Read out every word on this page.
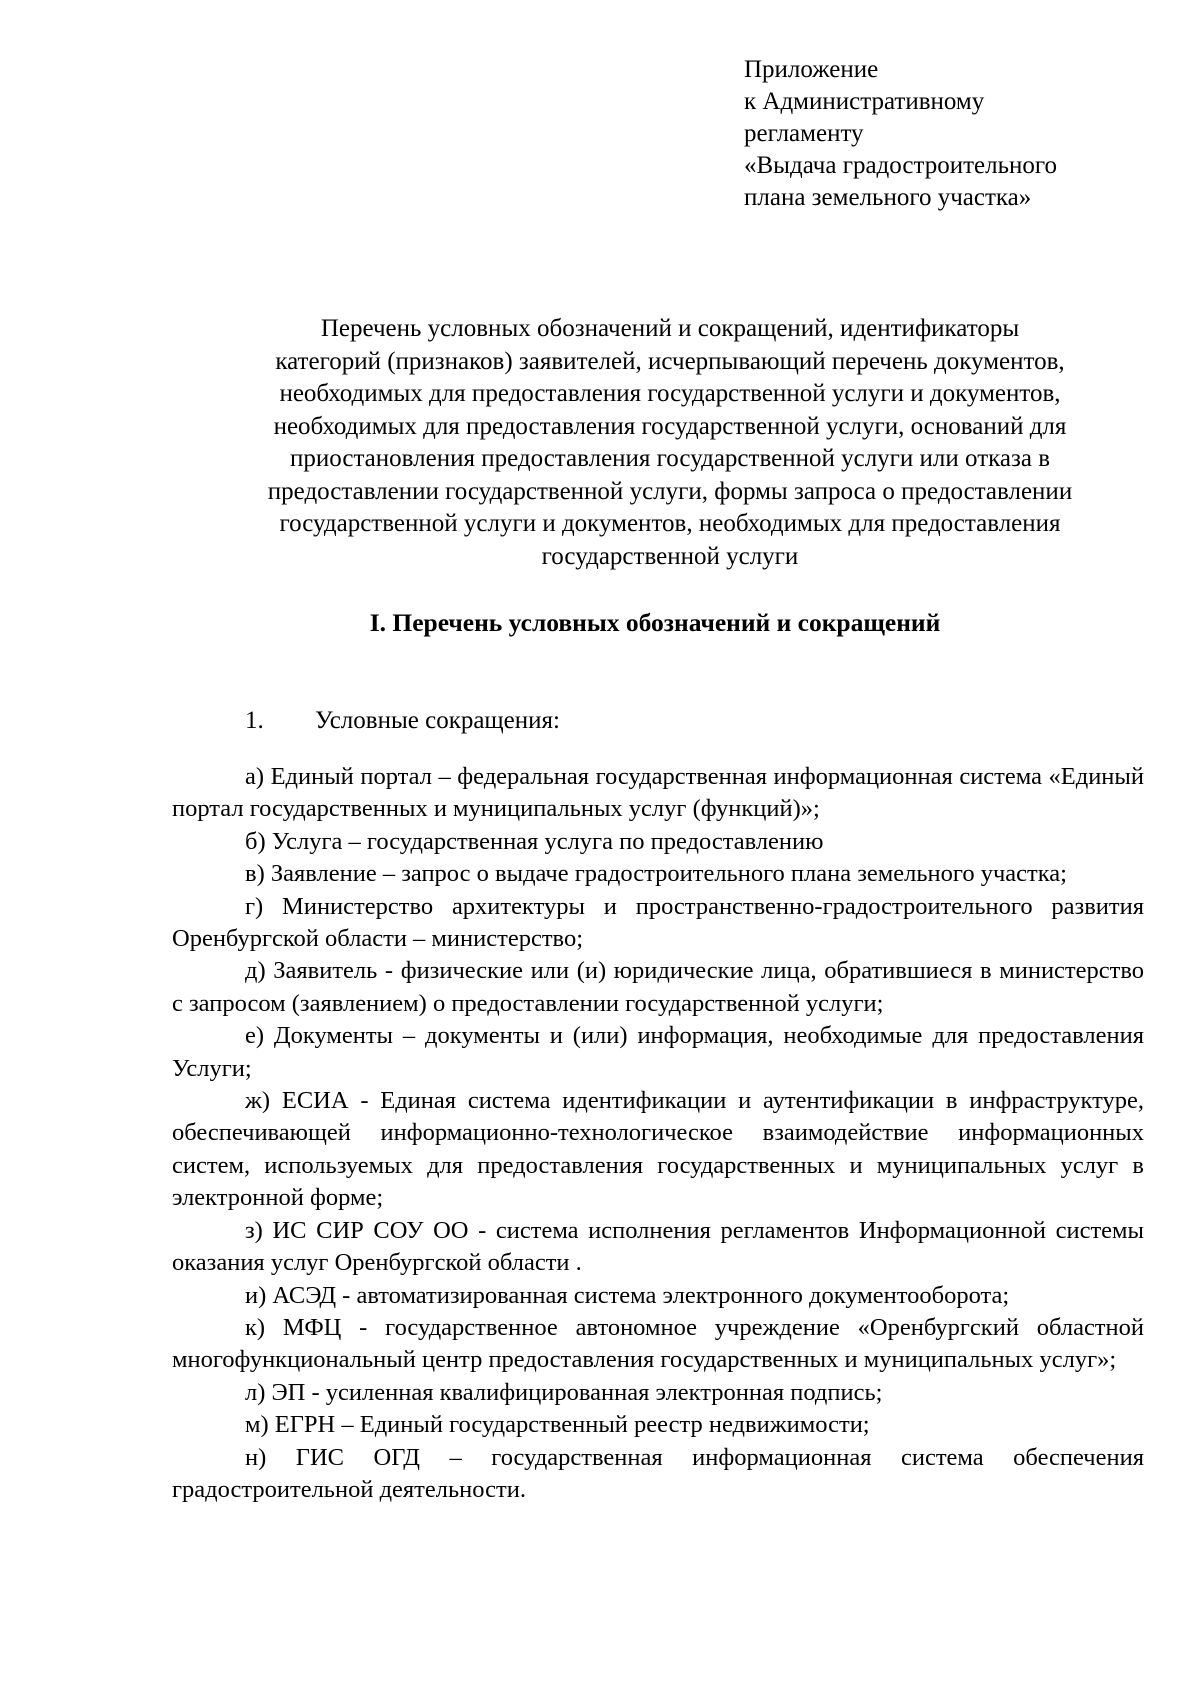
Приложение
к Административному
регламенту
«Выдача градостроительного
плана земельного участка»
Перечень условных обозначений и сокращений, идентификаторы
категорий (признаков) заявителей, исчерпывающий перечень документов,
необходимых для предоставления государственной услуги и документов,
необходимых для предоставления государственной услуги, оснований для
приостановления предоставления государственной услуги или отказа в
предоставлении государственной услуги, формы запроса о предоставлении
государственной услуги и документов, необходимых для предоставления
государственной услуги
I. Перечень условных обозначений и сокращений
1. Условные сокращения:

а) Единый портал – федеральная государственная информационная система «Единый портал государственных и муниципальных услуг (функций)»;

б) Услуга – государственная услуга по предоставлению

в) Заявление – запрос о выдаче градостроительного плана земельного участка;

г) Министерство архитектуры и пространственно-градостроительного развития Оренбургской области – министерство;

д) Заявитель - физические или (и) юридические лица, обратившиеся в министерство с запросом (заявлением) о предоставлении государственной услуги;

е) Документы – документы и (или) информация, необходимые для предоставления Услуги;

ж) ЕСИА - Единая система идентификации и аутентификации в инфраструктуре, обеспечивающей информационно-технологическое взаимодействие информационных систем, используемых для предоставления государственных и муниципальных услуг в электронной форме;

з) ИС СИР СОУ ОО - система исполнения регламентов Информационной системы оказания услуг Оренбургской области .

и) АСЭД - автоматизированная система электронного документооборота;

к) МФЦ - государственное автономное учреждение «Оренбургский областной многофункциональный центр предоставления государственных и муниципальных услуг»;

л) ЭП - усиленная квалифицированная электронная подпись;

м) ЕГРН – Единый государственный реестр недвижимости;

н) ГИС ОГД – государственная информационная система обеспечения градостроительной деятельности.
